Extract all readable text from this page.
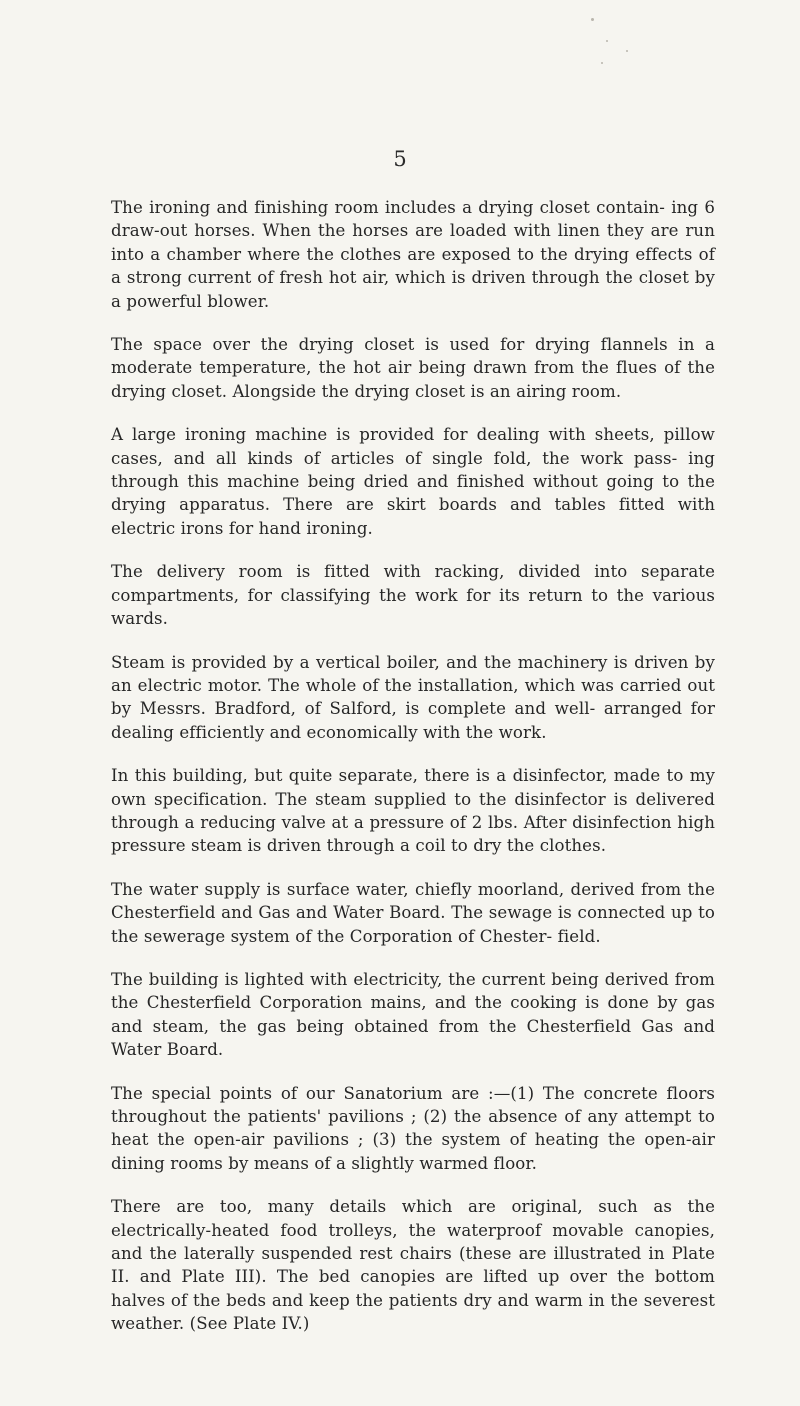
5

The ironing and finishing room includes a drying closet contain- ing 6 draw-out horses. When the horses are loaded with linen they are run into a chamber where the clothes are exposed to the drying effects of a strong current of fresh hot air, which is driven through the closet by a powerful blower.

The space over the drying closet is used for drying flannels in a moderate temperature, the hot air being drawn from the flues of the drying closet. Alongside the drying closet is an airing room.

A large ironing machine is provided for dealing with sheets, pillow cases, and all kinds of articles of single fold, the work pass- ing through this machine being dried and finished without going to the drying apparatus. There are skirt boards and tables fitted with electric irons for hand ironing.

The delivery room is fitted with racking, divided into separate compartments, for classifying the work for its return to the various wards.

Steam is provided by a vertical boiler, and the machinery is driven by an electric motor. The whole of the installation, which was carried out by Messrs. Bradford, of Salford, is complete and well- arranged for dealing efficiently and economically with the work.

In this building, but quite separate, there is a disinfector, made to my own specification. The steam supplied to the disinfector is delivered through a reducing valve at a pressure of 2 lbs. After disinfection high pressure steam is driven through a coil to dry the clothes.

The water supply is surface water, chiefly moorland, derived from the Chesterfield and Gas and Water Board. The sewage is connected up to the sewerage system of the Corporation of Chester- field.

The building is lighted with electricity, the current being derived from the Chesterfield Corporation mains, and the cooking is done by gas and steam, the gas being obtained from the Chesterfield Gas and Water Board.

The special points of our Sanatorium are :—(1) The concrete floors throughout the patients' pavilions ; (2) the absence of any attempt to heat the open-air pavilions ; (3) the system of heating the open-air dining rooms by means of a slightly warmed floor.

There are too, many details which are original, such as the electrically-heated food trolleys, the waterproof movable canopies, and the laterally suspended rest chairs (these are illustrated in Plate II. and Plate III). The bed canopies are lifted up over the bottom halves of the beds and keep the patients dry and warm in the severest weather. (See Plate IV.)
